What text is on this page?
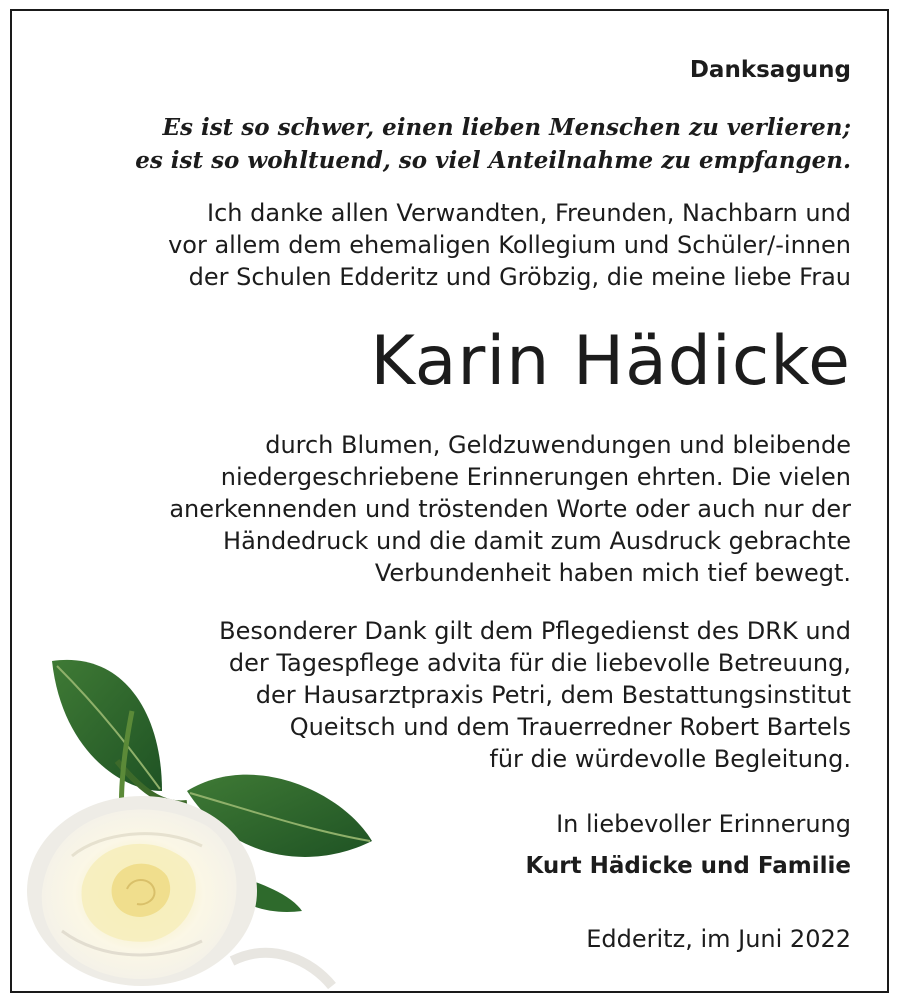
Danksagung
Es ist so schwer, einen lieben Menschen zu verlieren;
es ist so wohltuend, so viel Anteilnahme zu empfangen.
Ich danke allen Verwandten, Freunden, Nachbarn und
vor allem dem ehemaligen Kollegium und Schüler/-innen
der Schulen Edderitz und Gröbzig, die meine liebe Frau
Karin Hädicke
durch Blumen, Geldzuwendungen und bleibende
niedergeschriebene Erinnerungen ehrten. Die vielen
anerkennenden und tröstenden Worte oder auch nur der
Händedruck und die damit zum Ausdruck gebrachte
Verbundenheit haben mich tief bewegt.
Besonderer Dank gilt dem Pflegedienst des DRK und
der Tagespflege advita für die liebevolle Betreuung,
der Hausarztpraxis Petri, dem Bestattungsinstitut
Queitsch und dem Trauerredner Robert Bartels
für die würdevolle Begleitung.
In liebevoller Erinnerung
Kurt Hädicke und Familie
Edderitz, im Juni 2022
